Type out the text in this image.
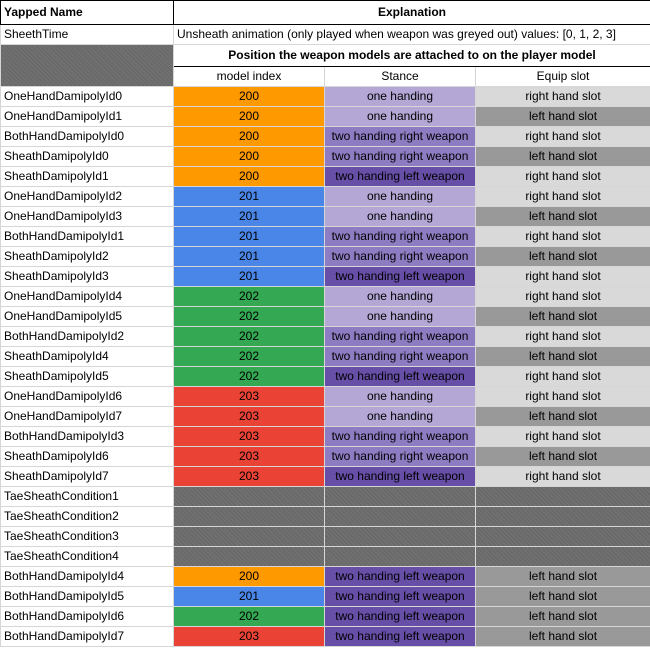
Yapped Name	Explanation		
SheethTime	Unsheath animation (only played when weapon was greyed out) values: [0, 1, 2, 3]		
	Position the weapon models are attached to on the player model		
	model index	Stance	Equip slot
OneHandDamipolyId0	200	one handing	right hand slot
OneHandDamipolyId1	200	one handing	left hand slot
BothHandDamipolyId0	200	two handing right weapon	right hand slot
SheathDamipolyId0	200	two handing right weapon	left hand slot
SheathDamipolyId1	200	two handing left weapon	right hand slot
OneHandDamipolyId2	201	one handing	right hand slot
OneHandDamipolyId3	201	one handing	left hand slot
BothHandDamipolyId1	201	two handing right weapon	right hand slot
SheathDamipolyId2	201	two handing right weapon	left hand slot
SheathDamipolyId3	201	two handing left weapon	right hand slot
OneHandDamipolyId4	202	one handing	right hand slot
OneHandDamipolyId5	202	one handing	left hand slot
BothHandDamipolyId2	202	two handing right weapon	right hand slot
SheathDamipolyId4	202	two handing right weapon	left hand slot
SheathDamipolyId5	202	two handing left weapon	right hand slot
OneHandDamipolyId6	203	one handing	right hand slot
OneHandDamipolyId7	203	one handing	left hand slot
BothHandDamipolyId3	203	two handing right weapon	right hand slot
SheathDamipolyId6	203	two handing right weapon	left hand slot
SheathDamipolyId7	203	two handing left weapon	right hand slot
TaeSheathCondition1			
TaeSheathCondition2			
TaeSheathCondition3			
TaeSheathCondition4			
BothHandDamipolyId4	200	two handing left weapon	left hand slot
BothHandDamipolyId5	201	two handing left weapon	left hand slot
BothHandDamipolyId6	202	two handing left weapon	left hand slot
BothHandDamipolyId7	203	two handing left weapon	left hand slot
